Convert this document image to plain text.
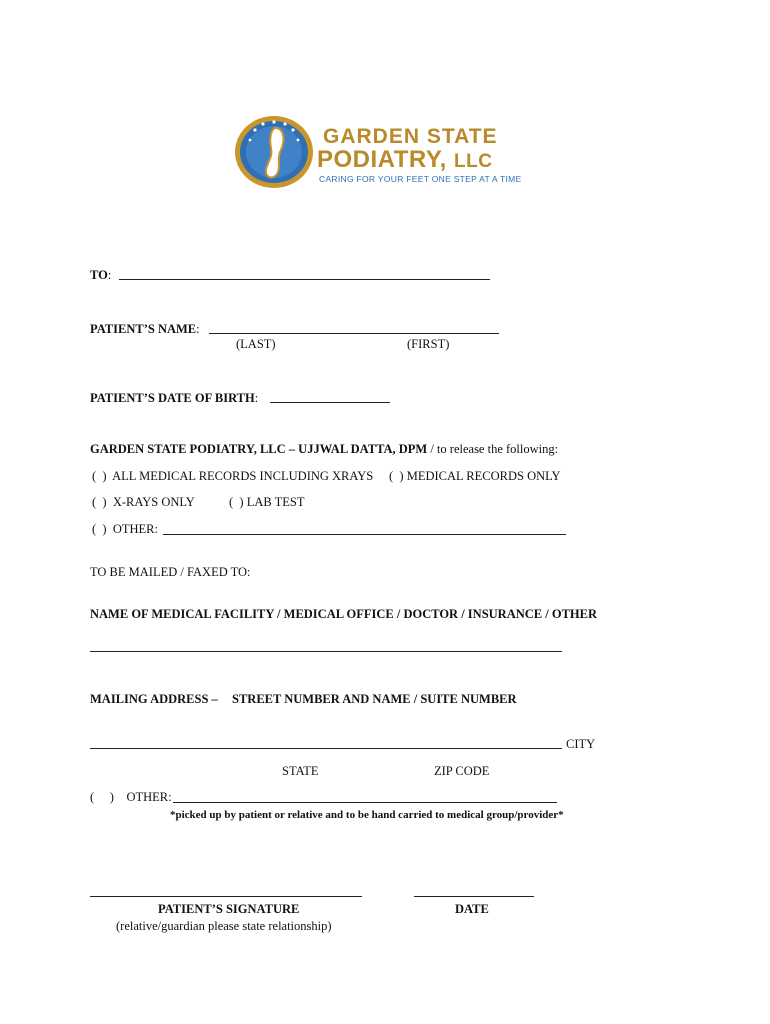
GARDEN STATE
PODIATRY, LLC
CARING FOR YOUR FEET ONE STEP AT A TIME
TO:
PATIENT’S NAME:
(LAST)	(FIRST)
PATIENT’S DATE OF BIRTH:
GARDEN STATE PODIATRY, LLC – UJJWAL DATTA, DPM / to release the following:
(  )  ALL MEDICAL RECORDS INCLUDING XRAYS (  ) MEDICAL RECORDS ONLY
(  )  X-RAYS ONLY	(  ) LAB TEST
(  )  OTHER:
TO BE MAILED / FAXED TO:
NAME OF MEDICAL FACILITY / MEDICAL OFFICE / DOCTOR / INSURANCE / OTHER
MAILING ADDRESS – STREET NUMBER AND NAME / SUITE NUMBER
CITY
STATE	ZIP CODE
(     )    OTHER:
*picked up by patient or relative and to be hand carried to medical group/provider*
PATIENT’S SIGNATURE	DATE
(relative/guardian please state relationship)
